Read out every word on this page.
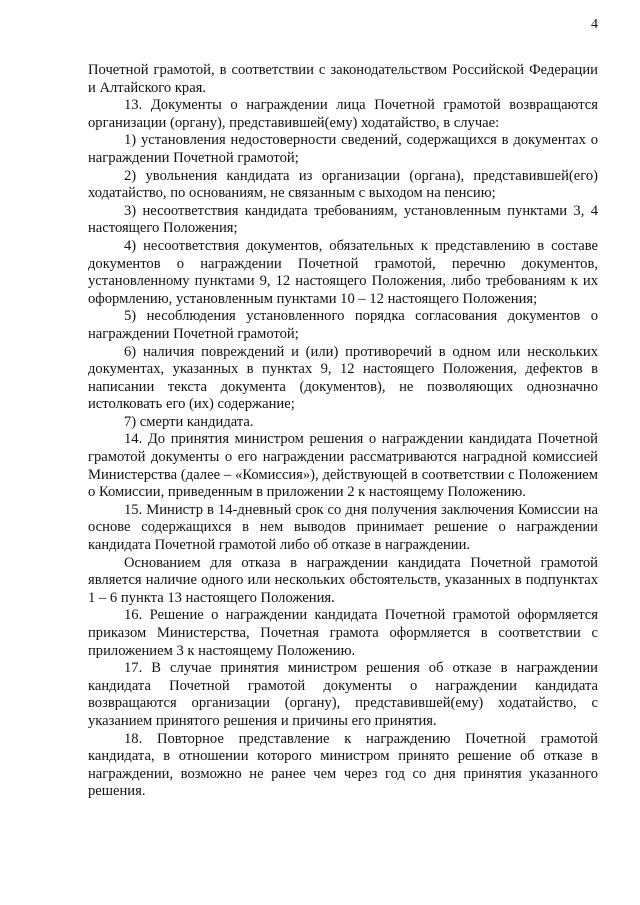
4

Почетной грамотой, в соответствии с законодательством Российской Федерации и Алтайского края.

13. Документы о награждении лица Почетной грамотой возвращаются организации (органу), представившей(ему) ходатайство, в случае:

1) установления недостоверности сведений, содержащихся в документах о награждении Почетной грамотой;

2) увольнения кандидата из организации (органа), представившей(его) ходатайство, по основаниям, не связанным с выходом на пенсию;

3) несоответствия кандидата требованиям, установленным пунктами 3, 4 настоящего Положения;

4) несоответствия документов, обязательных к представлению в составе документов о награждении Почетной грамотой, перечню документов, установленному пунктами 9, 12 настоящего Положения, либо требованиям к их оформлению, установленным пунктами 10 – 12 настоящего Положения;

5) несоблюдения установленного порядка согласования документов о награждении Почетной грамотой;

6) наличия повреждений и (или) противоречий в одном или нескольких документах, указанных в пунктах 9, 12 настоящего Положения, дефектов в написании текста документа (документов), не позволяющих однозначно истолковать его (их) содержание;

7) смерти кандидата.

14. До принятия министром решения о награждении кандидата Почетной грамотой документы о его награждении рассматриваются наградной комиссией Министерства (далее – «Комиссия»), действующей в соответствии с Положением о Комиссии, приведенным в приложении 2 к настоящему Положению.

15. Министр в 14-дневный срок со дня получения заключения Комиссии на основе содержащихся в нем выводов принимает решение о награждении кандидата Почетной грамотой либо об отказе в награждении.

Основанием для отказа в награждении кандидата Почетной грамотой является наличие одного или нескольких обстоятельств, указанных в подпунктах 1 – 6 пункта 13 настоящего Положения.

16. Решение о награждении кандидата Почетной грамотой оформляется приказом Министерства, Почетная грамота оформляется в соответствии с приложением 3 к настоящему Положению.

17. В случае принятия министром решения об отказе в награждении кандидата Почетной грамотой документы о награждении кандидата возвращаются организации (органу), представившей(ему) ходатайство, с указанием принятого решения и причины его принятия.

18. Повторное представление к награждению Почетной грамотой кандидата, в отношении которого министром принято решение об отказе в награждении, возможно не ранее чем через год со дня принятия указанного решения.
